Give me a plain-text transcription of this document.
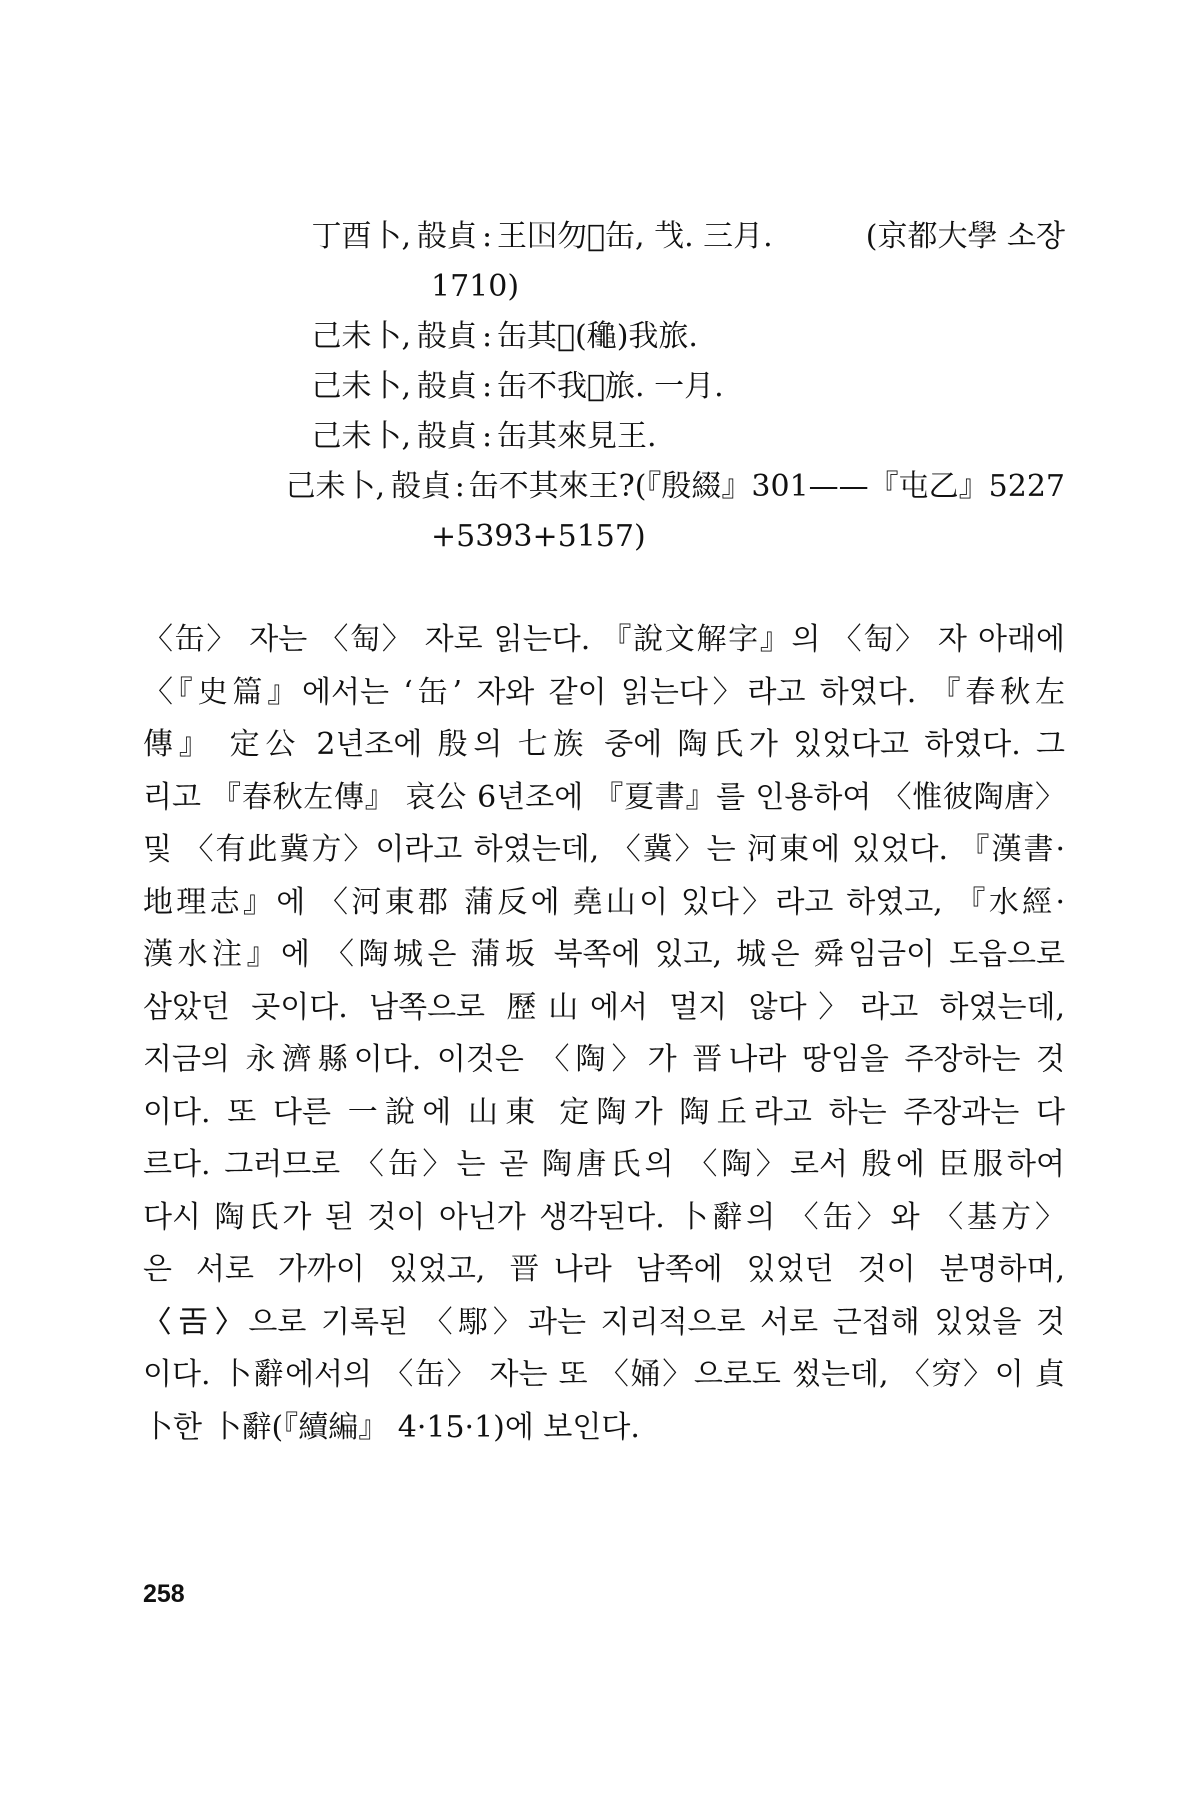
丁酉卜, 㱿貞 : 王𡆥勿𦎫缶, 𢦏. 三月.	(京都大學 소장
1710)
己未卜, 㱿貞 : 缶其𤕫(䆋)我旅.
己未卜, 㱿貞 : 缶不我𤕫旅. 一月.
己未卜, 㱿貞 : 缶其來見王.
己未卜, 㱿貞 : 缶不其來王? (『殷綴』301——『屯乙』5227
+5393+5157)

〈缶〉 자는 〈匋〉 자로 읽는다. 『說文解字』의 〈匋〉 자 아래에

〈『史篇』에서는 ‘缶’ 자와 같이 읽는다〉라고 하였다. 『春秋左

傳』 定公 2년조에 殷의 七族 중에 陶氏가 있었다고 하였다. 그

리고 『春秋左傳』 哀公 6년조에 『夏書』를 인용하여 〈惟彼陶唐〉

및 〈有此冀方〉이라고 하였는데, 〈冀〉는 河東에 있었다. 『漢書·

地理志』에 〈河東郡 蒲反에 堯山이 있다〉라고 하였고, 『水經·

漢水注』에 〈陶城은 蒲坂 북쪽에 있고, 城은 舜임금이 도읍으로

삼았던 곳이다. 남쪽으로 歷山에서 멀지 않다〉라고 하였는데,

지금의 永濟縣이다. 이것은 〈陶〉가 晋나라 땅임을 주장하는 것

이다. 또 다른 一說에 山東 定陶가 陶丘라고 하는 주장과는 다

르다. 그러므로 〈缶〉는 곧 陶唐氏의 〈陶〉로서 殷에 臣服하여

다시 陶氏가 된 것이 아닌가 생각된다. 卜辭의 〈缶〉와 〈基方〉

은 서로 가까이 있었고, 晋나라 남쪽에 있었던 것이 분명하며,

〈𢀛〉으로 기록된 〈䣕〉과는 지리적으로 서로 근접해 있었을 것

이다. 卜辭에서의 〈缶〉 자는 또 〈㛚〉으로도 썼는데, 〈穷〉이 貞

卜한 卜辭(『續編』 4·15·1)에 보인다.

258
